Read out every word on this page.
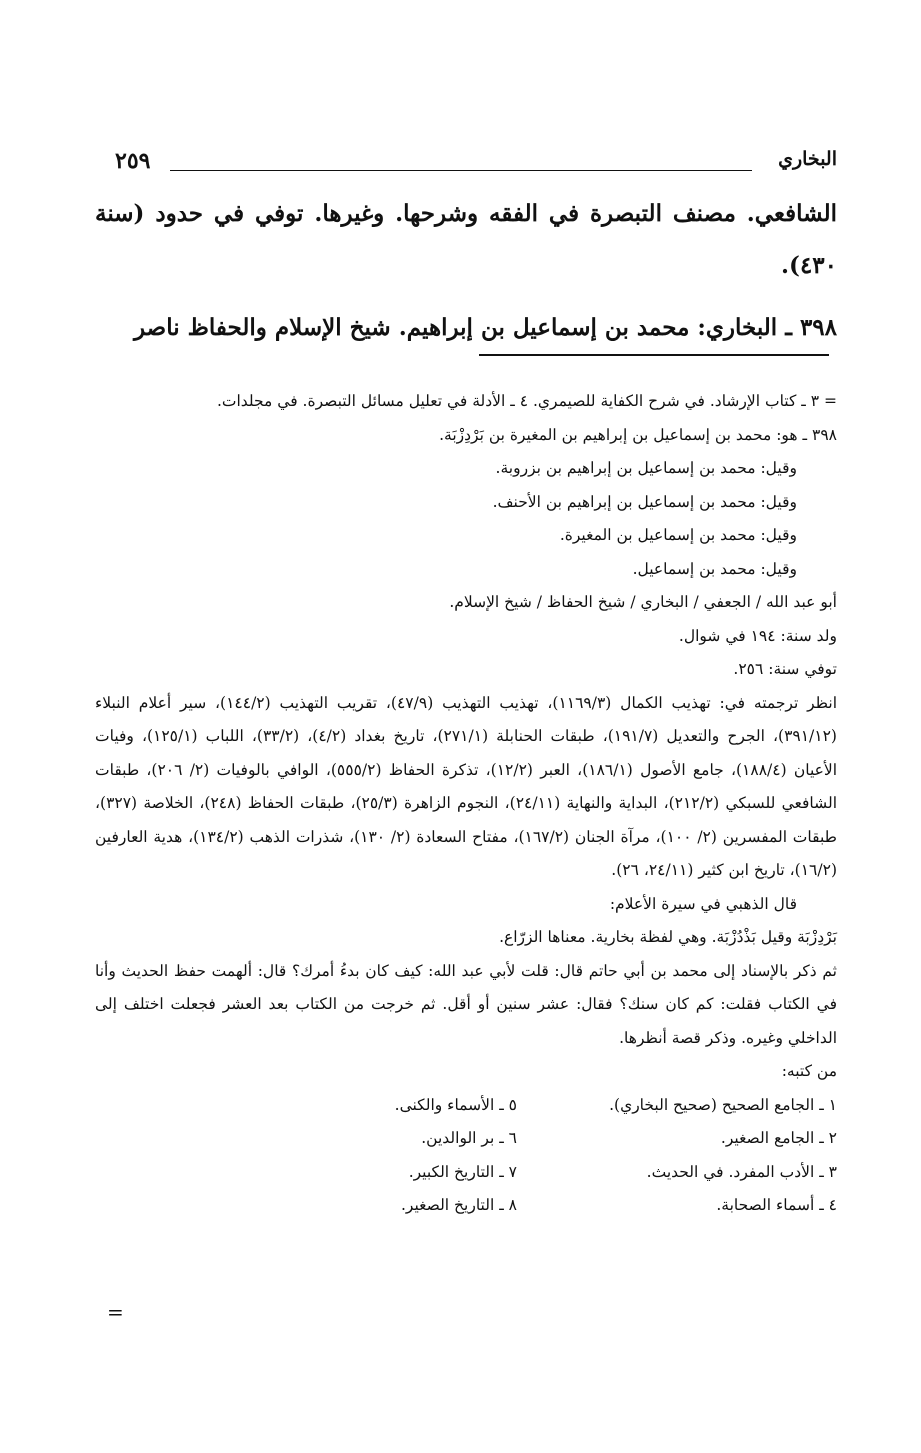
البخاري
٢٥٩

الشافعي. مصنف التبصرة في الفقه وشرحها. وغيرها. توفي في حدود (سنة ٤٣٠).

٣٩٨ ـ البخاري: محمد بن إسماعيل بن إبراهيم. شيخ الإسلام والحفاظ ناصر

= ٣ ـ كتاب الإرشاد. في شرح الكفاية للصيمري. ٤ ـ الأدلة في تعليل مسائل التبصرة. في مجلدات.

٣٩٨ ـ هو: محمد بن إسماعيل بن إبراهيم بن المغيرة بن بَرْدِزْبَة.

وقيل: محمد بن إسماعيل بن إبراهيم بن بزروبة.

وقيل: محمد بن إسماعيل بن إبراهيم بن الأحنف.

وقيل: محمد بن إسماعيل بن المغيرة.

وقيل: محمد بن إسماعيل.

أبو عبد الله / الجعفي / البخاري / شيخ الحفاظ / شيخ الإسلام.

ولد سنة: ١٩٤ في شوال.

توفي سنة: ٢٥٦.

انظر ترجمته في: تهذيب الكمال (١١٦٩/٣)، تهذيب التهذيب (٤٧/٩)، تقريب التهذيب (١٤٤/٢)، سير أعلام النبلاء (٣٩١/١٢)، الجرح والتعديل (١٩١/٧)، طبقات الحنابلة (٢٧١/١)، تاريخ بغداد (٤/٢)، (٣٣/٢)، اللباب (١٢٥/١)، وفيات الأعيان (١٨٨/٤)، جامع الأصول (١٨٦/١)، العبر (١٢/٢)، تذكرة الحفاظ (٥٥٥/٢)، الوافي بالوفيات (٢/ ٢٠٦)، طبقات الشافعي للسبكي (٢١٢/٢)، البداية والنهاية (٢٤/١١)، النجوم الزاهرة (٢٥/٣)، طبقات الحفاظ (٢٤٨)، الخلاصة (٣٢٧)، طبقات المفسرين (٢/ ١٠٠)، مرآة الجنان (١٦٧/٢)، مفتاح السعادة (٢/ ١٣٠)، شذرات الذهب (١٣٤/٢)، هدية العارفين (١٦/٢)، تاريخ ابن كثير (٢٤/١١، ٢٦).

قال الذهبي في سيرة الأعلام:

بَرْدِزْبَة وقيل بَذْدُزْبَة. وهي لفظة بخارية. معناها الزرّاع.

ثم ذكر بالإسناد إلى محمد بن أبي حاتم قال: قلت لأبي عبد الله: كيف كان بدءُ أمرك؟ قال: ألهمت حفظ الحديث وأنا في الكتاب فقلت: كم كان سنك؟ فقال: عشر سنين أو أقل. ثم خرجت من الكتاب بعد العشر فجعلت اختلف إلى الداخلي وغيره. وذكر قصة أنظرها.

من كتبه:

١ ـ الجامع الصحيح (صحيح البخاري).
٥ ـ الأسماء والكنى.
٢ ـ الجامع الصغير.
٦ ـ بر الوالدين.
٣ ـ الأدب المفرد. في الحديث.
٧ ـ التاريخ الكبير.
٤ ـ أسماء الصحابة.
٨ ـ التاريخ الصغير.
=
